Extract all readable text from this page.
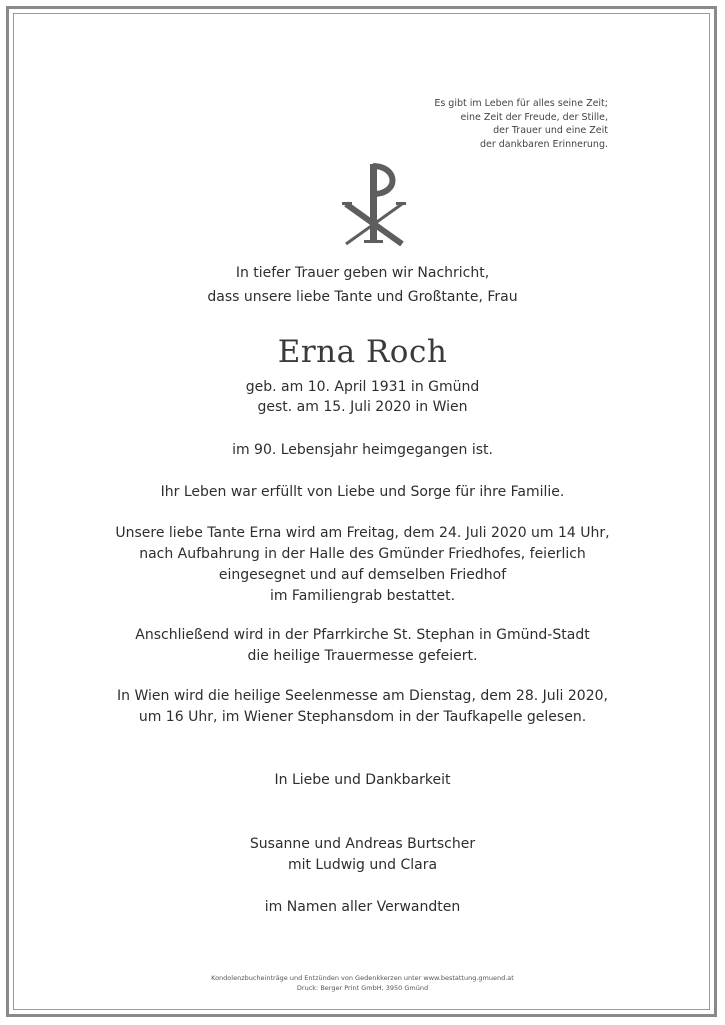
Es gibt im Leben für alles seine Zeit;
eine Zeit der Freude, der Stille,
der Trauer und eine Zeit
der dankbaren Erinnerung.
In tiefer Trauer geben wir Nachricht,
dass unsere liebe Tante und Großtante, Frau
Erna Roch
geb. am 10. April 1931 in Gmünd
gest. am 15. Juli 2020 in Wien
im 90. Lebensjahr heimgegangen ist.
Ihr Leben war erfüllt von Liebe und Sorge für ihre Familie.
Unsere liebe Tante Erna wird am Freitag, dem 24. Juli 2020 um 14 Uhr,
nach Aufbahrung in der Halle des Gmünder Friedhofes, feierlich
eingesegnet und auf demselben Friedhof
im Familiengrab bestattet.
Anschließend wird in der Pfarrkirche St. Stephan in Gmünd-Stadt
die heilige Trauermesse gefeiert.
In Wien wird die heilige Seelenmesse am Dienstag, dem 28. Juli 2020,
um 16 Uhr, im Wiener Stephansdom in der Taufkapelle gelesen.
In Liebe und Dankbarkeit
Susanne und Andreas Burtscher
mit Ludwig und Clara
im Namen aller Verwandten
Kondolenzbucheinträge und Entzünden von Gedenkkerzen unter www.bestattung.gmuend.at
Druck: Berger Print GmbH, 3950 Gmünd
